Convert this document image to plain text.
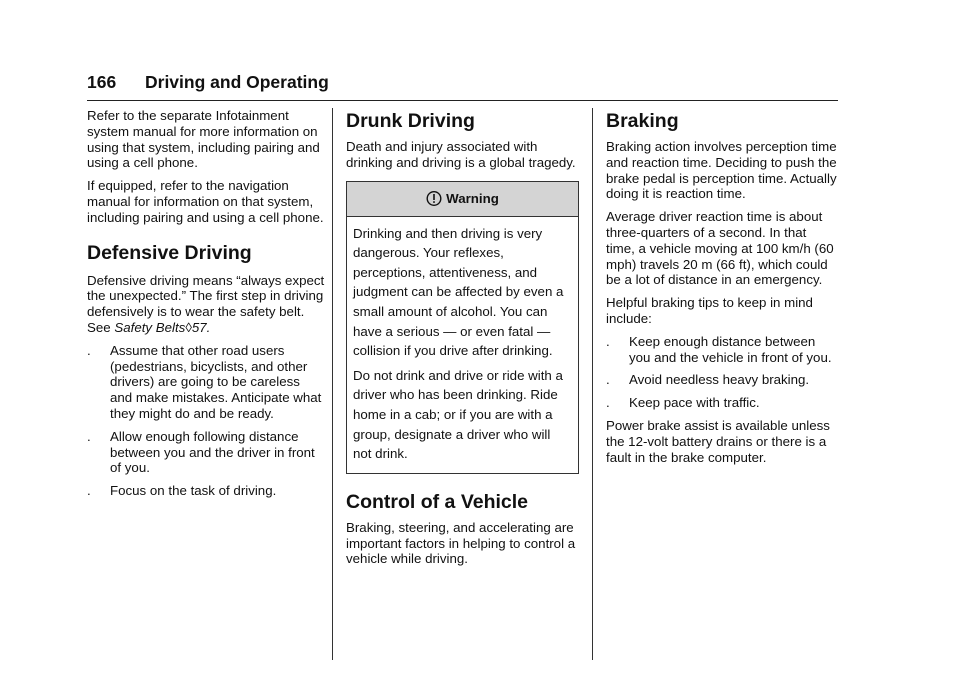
166 Driving and Operating

Refer to the separate Infotainment system manual for more information on using that system, including pairing and using a cell phone.

If equipped, refer to the navigation manual for information on that system, including pairing and using a cell phone.

Defensive Driving

Defensive driving means “always expect the unexpected.” The first step in driving defensively is to wear the safety belt. See Safety Belts◊57.

.	Assume that other road users (pedestrians, bicyclists, and other drivers) are going to be careless and make mistakes. Anticipate what they might do and be ready.
.	Allow enough following distance between you and the driver in front of you.
.	Focus on the task of driving.
Drunk Driving

Death and injury associated with drinking and driving is a global tragedy.

Warning

Drinking and then driving is very dangerous. Your reflexes, perceptions, attentiveness, and judgment can be affected by even a small amount of alcohol. You can have a serious — or even fatal — collision if you drive after drinking.

Do not drink and drive or ride with a driver who has been drinking. Ride home in a cab; or if you are with a group, designate a driver who will not drink.

Control of a Vehicle

Braking, steering, and accelerating are important factors in helping to control a vehicle while driving.

Braking

Braking action involves perception time and reaction time. Deciding to push the brake pedal is perception time. Actually doing it is reaction time.

Average driver reaction time is about three-quarters of a second. In that time, a vehicle moving at 100 km/h (60 mph) travels 20 m (66 ft), which could be a lot of distance in an emergency.

Helpful braking tips to keep in mind include:

.	Keep enough distance between you and the vehicle in front of you.
.	Avoid needless heavy braking.
.	Keep pace with traffic.

Power brake assist is available unless the 12-volt battery drains or there is a fault in the brake computer.
